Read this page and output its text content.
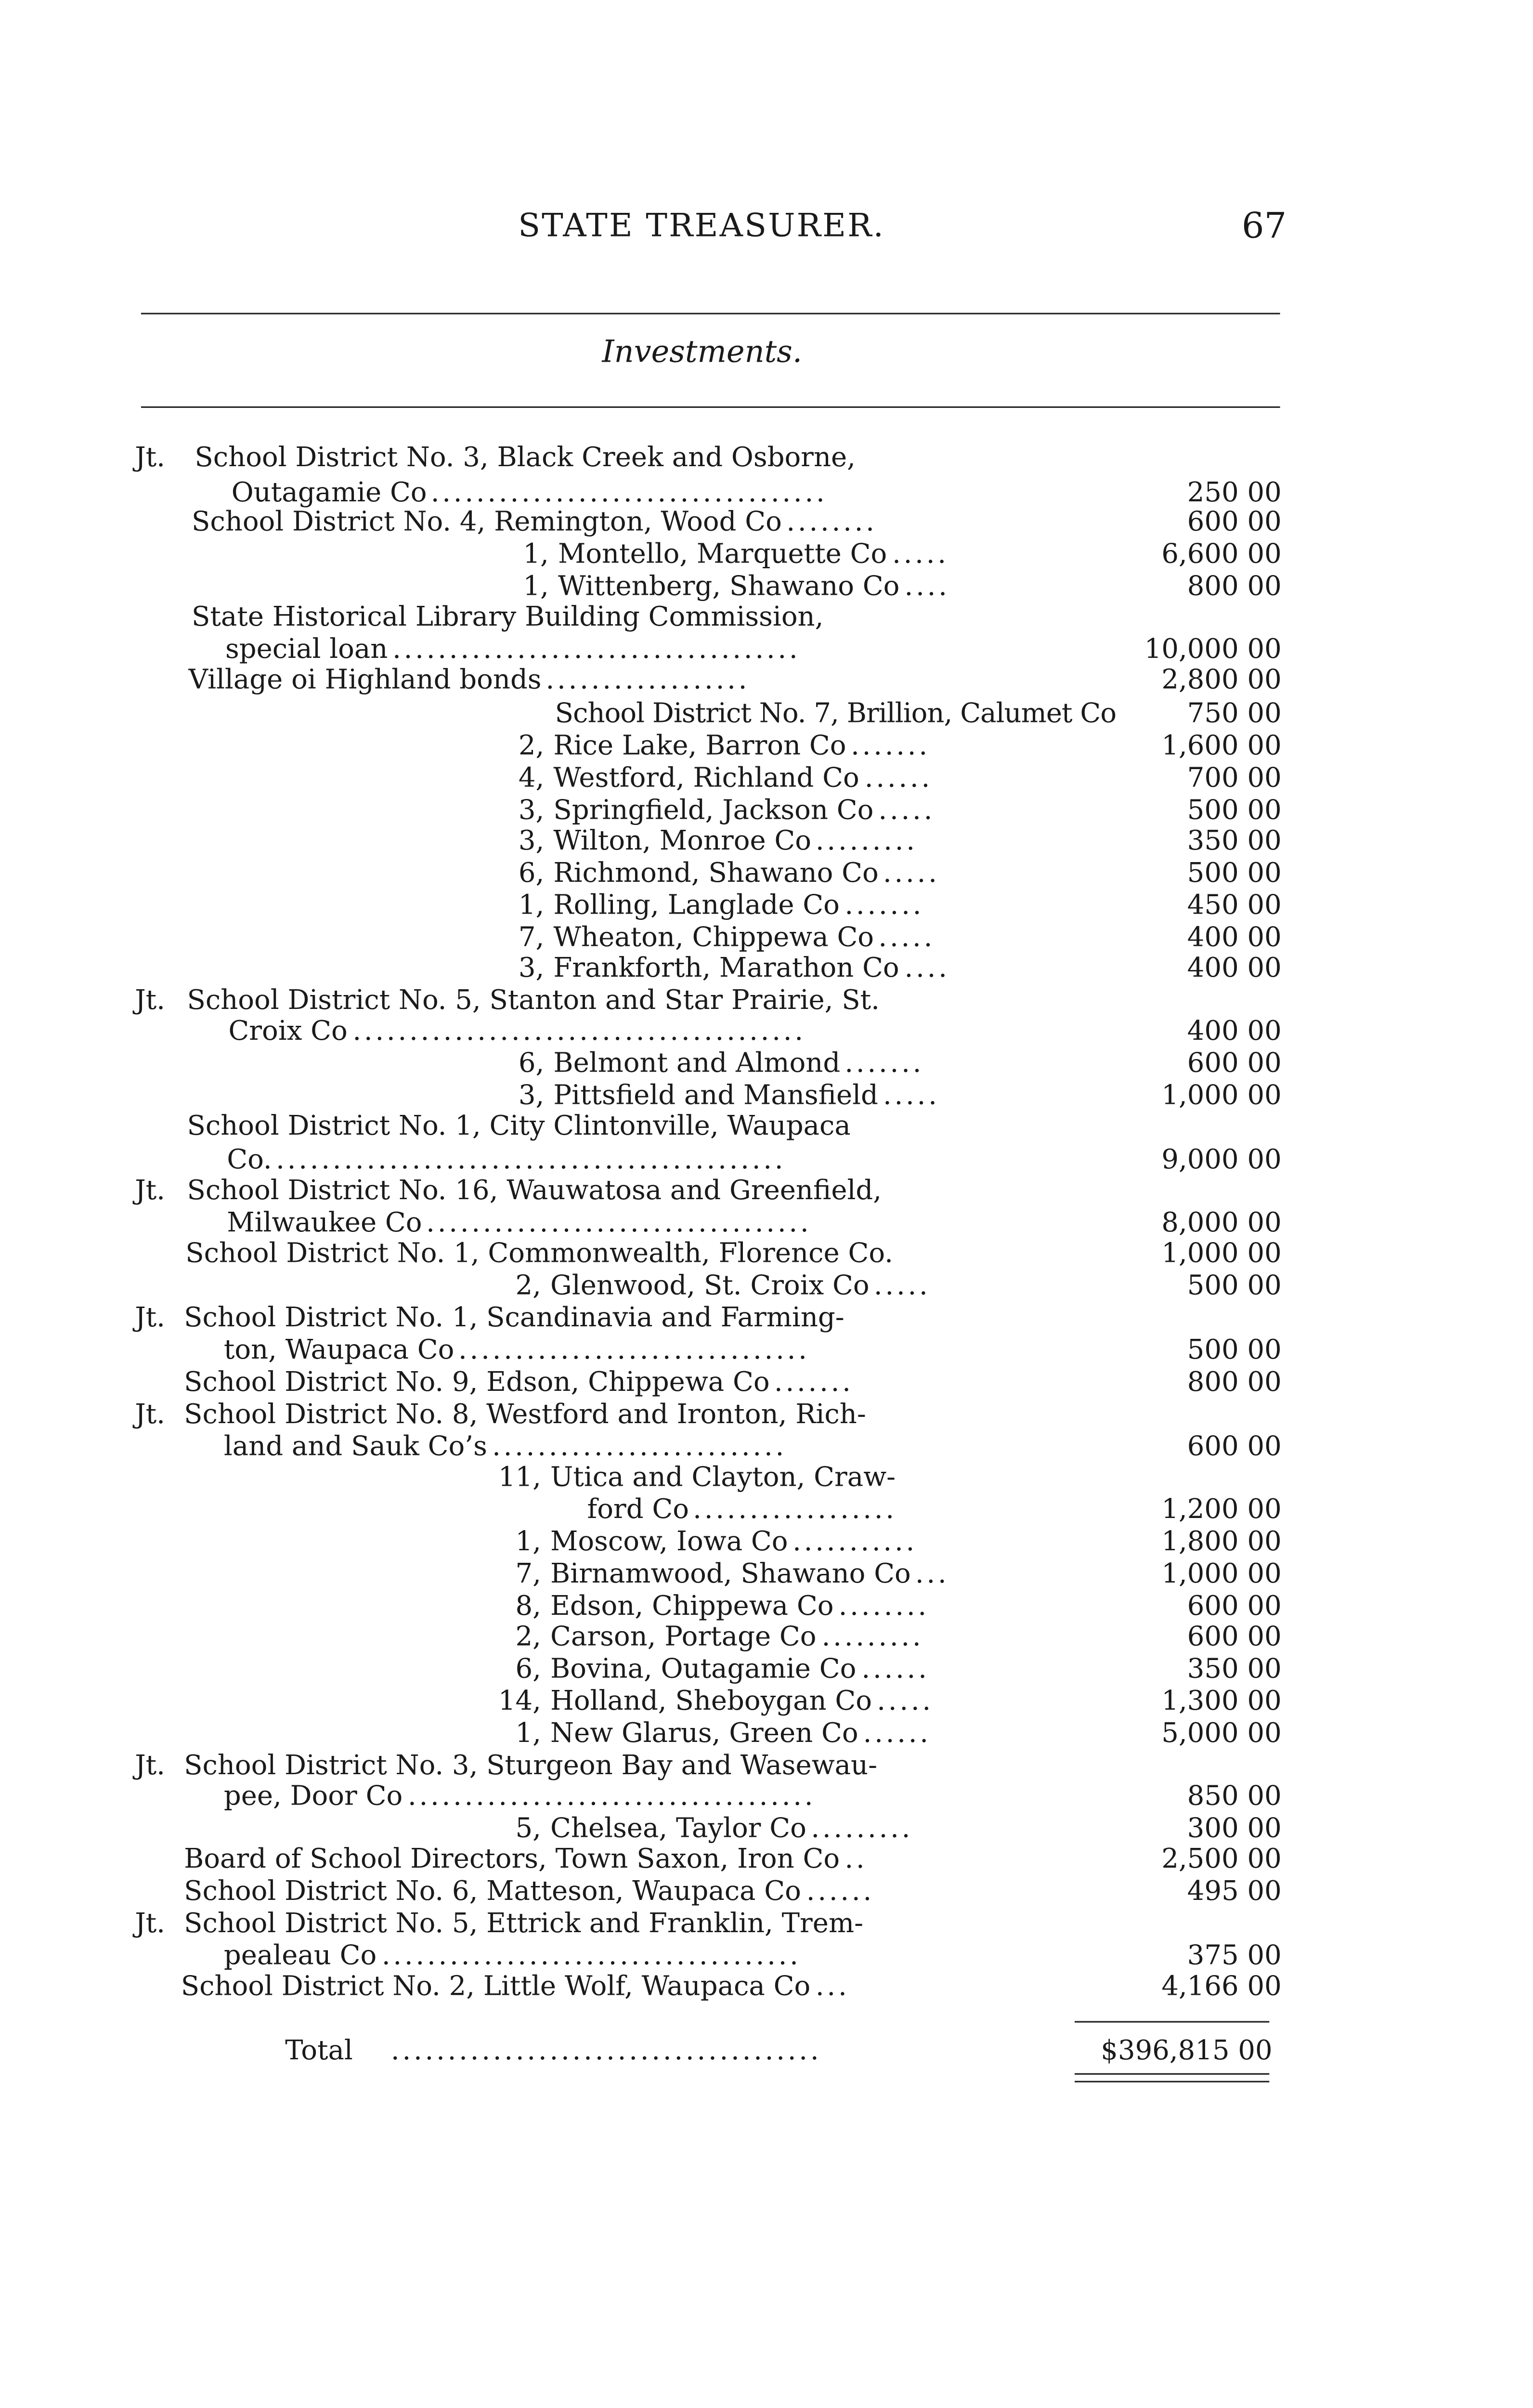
STATE TREASURER.	67
Investments.
Jt.	School District No. 3, Black Creek and Osborne,
Outagamie Co ...................................	250 00
School District No. 4, Remington, Wood Co ........	600 00
1, Montello, Marquette Co .....	6,600 00
1, Wittenberg, Shawano Co ....	800 00
State Historical Library Building Commission,
special loan ....................................	10,000 00
Village oi Highland bonds ..................	2,800 00
School District No. 7, Brillion, Calumet Co	750 00
2, Rice Lake, Barron Co .......	1,600 00
4, Westford, Richland Co ......	700 00
3, Springfield, Jackson Co .....	500 00
3, Wilton, Monroe Co .........	350 00
6, Richmond, Shawano Co .....	500 00
1, Rolling, Langlade Co .......	450 00
7, Wheaton, Chippewa Co .....	400 00
3, Frankforth, Marathon Co ....	400 00
Jt.	School District No. 5, Stanton and Star Prairie, St.
Croix Co ........................................	400 00
6, Belmont and Almond .......	600 00
3, Pittsfield and Mansfield .....	1,000 00
School District No. 1, City Clintonville, Waupaca
Co. .............................................	9,000 00
Jt.	School District No. 16, Wauwatosa and Greenfield,
Milwaukee Co ..................................	8,000 00
School District No. 1, Commonwealth, Florence Co.	1,000 00
2, Glenwood, St. Croix Co .....	500 00
Jt. School District No. 1, Scandinavia and Farming-
ton, Waupaca Co ...............................	500 00
School District No. 9, Edson, Chippewa Co .......	800 00
Jt. School District No. 8, Westford and Ironton, Rich-
land and Sauk Co’s ..........................	600 00
11, Utica and Clayton, Craw-
ford Co ..................	1,200 00
1, Moscow, Iowa Co ...........	1,800 00
7, Birnamwood, Shawano Co ...	1,000 00
8, Edson, Chippewa Co ........	600 00
2, Carson, Portage Co .........	600 00
6, Bovina, Outagamie Co ......	350 00
14, Holland, Sheboygan Co .....	1,300 00
1, New Glarus, Green Co ......	5,000 00
Jt. School District No. 3, Sturgeon Bay and Wasewau-
pee, Door Co ....................................	850 00
5, Chelsea, Taylor Co .........	300 00
Board of School Directors, Town Saxon, Iron Co ..	2,500 00
School District No. 6, Matteson, Waupaca Co ......	495 00
Jt. School District No. 5, Ettrick and Franklin, Trem-
pealeau Co .....................................	375 00
School District No. 2, Little Wolf, Waupaca Co ...	4,166 00
Total	......................................	$396,815 00
